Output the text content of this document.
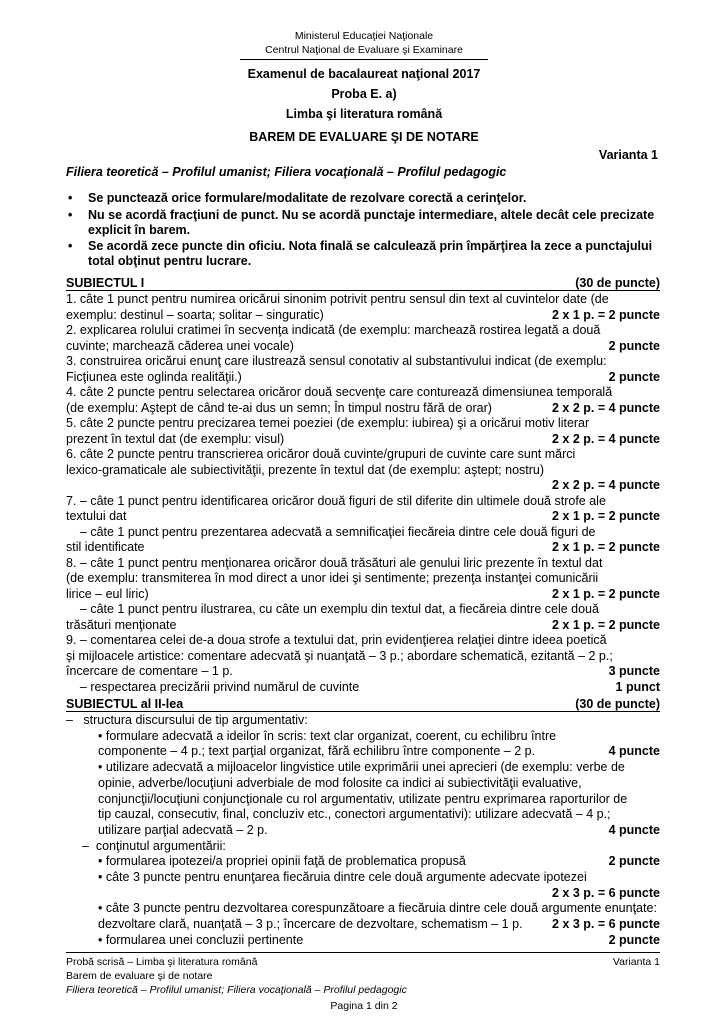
Ministerul Educaţiei Naţionale
Centrul Naţional de Evaluare şi Examinare
Examenul de bacalaureat naţional 2017
Proba E. a)
Limba şi literatura română
BAREM DE EVALUARE ŞI DE NOTARE
Varianta 1
Filiera teoretică – Profilul umanist; Filiera vocaţională – Profilul pedagogic
• Se punctează orice formulare/modalitate de rezolvare corectă a cerinţelor.
• Nu se acordă fracţiuni de punct. Nu se acordă punctaje intermediare, altele decât cele precizate explicit în barem.
• Se acordă zece puncte din oficiu. Nota finală se calculează prin împărţirea la zece a punctajului total obţinut pentru lucrare.
SUBIECTUL I	(30 de puncte)
1. câte 1 punct pentru numirea oricărui sinonim potrivit pentru sensul din text al cuvintelor date (de
exemplu: destinul – soarta; solitar – singuratic)	2 x 1 p. = 2 puncte
2. explicarea rolului cratimei în secvenţa indicată (de exemplu: marchează rostirea legată a două
cuvinte; marchează căderea unei vocale)	2 puncte
3. construirea oricărui enunţ care ilustrează sensul conotativ al substantivului indicat (de exemplu:
Ficţiunea este oglinda realităţii.)	2 puncte
4. câte 2 puncte pentru selectarea oricăror două secvenţe care conturează dimensiunea temporală
(de exemplu: Aştept de când te-ai dus un semn; În timpul nostru fără de orar)	2 x 2 p. = 4 puncte
5. câte 2 puncte pentru precizarea temei poeziei (de exemplu: iubirea) şi a oricărui motiv literar
prezent în textul dat (de exemplu: visul)	2 x 2 p. = 4 puncte
6. câte 2 puncte pentru transcrierea oricăror două cuvinte/grupuri de cuvinte care sunt mărci
lexico-gramaticale ale subiectivităţii, prezente în textul dat (de exemplu: aştept; nostru)
2 x 2 p. = 4 puncte
7. – câte 1 punct pentru identificarea oricăror două figuri de stil diferite din ultimele două strofe ale
textului dat	2 x 1 p. = 2 puncte
– câte 1 punct pentru prezentarea adecvată a semnificaţiei fiecăreia dintre cele două figuri de
stil identificate	2 x 1 p. = 2 puncte
8. – câte 1 punct pentru menţionarea oricăror două trăsături ale genului liric prezente în textul dat
(de exemplu: transmiterea în mod direct a unor idei şi sentimente; prezenţa instanţei comunicării
lirice – eul liric)	2 x 1 p. = 2 puncte
– câte 1 punct pentru ilustrarea, cu câte un exemplu din textul dat, a fiecăreia dintre cele două
trăsături menţionate	2 x 1 p. = 2 puncte
9. – comentarea celei de-a doua strofe a textului dat, prin evidenţierea relaţiei dintre ideea poetică
şi mijloacele artistice: comentare adecvată şi nuanţată – 3 p.; abordare schematică, ezitantă – 2 p.;
încercare de comentare – 1 p.	3 puncte
– respectarea precizării privind numărul de cuvinte	1 punct
SUBIECTUL al II-lea	(30 de puncte)
–   structura discursului de tip argumentativ:
• formulare adecvată a ideilor în scris: text clar organizat, coerent, cu echilibru între
componente – 4 p.; text parţial organizat, fără echilibru între componente – 2 p.	4 puncte
• utilizare adecvată a mijloacelor lingvistice utile exprimării unei aprecieri (de exemplu: verbe de
opinie, adverbe/locuţiuni adverbiale de mod folosite ca indici ai subiectivităţii evaluative,
conjuncţii/locuţiuni conjuncţionale cu rol argumentativ, utilizate pentru exprimarea raporturilor de
tip cauzal, consecutiv, final, concluziv etc., conectori argumentativi): utilizare adecvată – 4 p.;
utilizare parţial adecvată – 2 p.	4 puncte
–  conţinutul argumentării:
• formularea ipotezei/a propriei opinii faţă de problematica propusă	2 puncte
• câte 3 puncte pentru enunţarea fiecăruia dintre cele două argumente adecvate ipotezei
2 x 3 p. = 6 puncte
• câte 3 puncte pentru dezvoltarea corespunzătoare a fiecăruia dintre cele două argumente enunţate:
dezvoltare clară, nuanţată – 3 p.; încercare de dezvoltare, schematism – 1 p. 2 x 3 p. = 6 puncte
• formularea unei concluzii pertinente	2 puncte
Probă scrisă – Limba şi literatura română	Varianta 1
Barem de evaluare şi de notare
Filiera teoretică – Profilul umanist; Filiera vocaţională – Profilul pedagogic
Pagina 1 din 2
